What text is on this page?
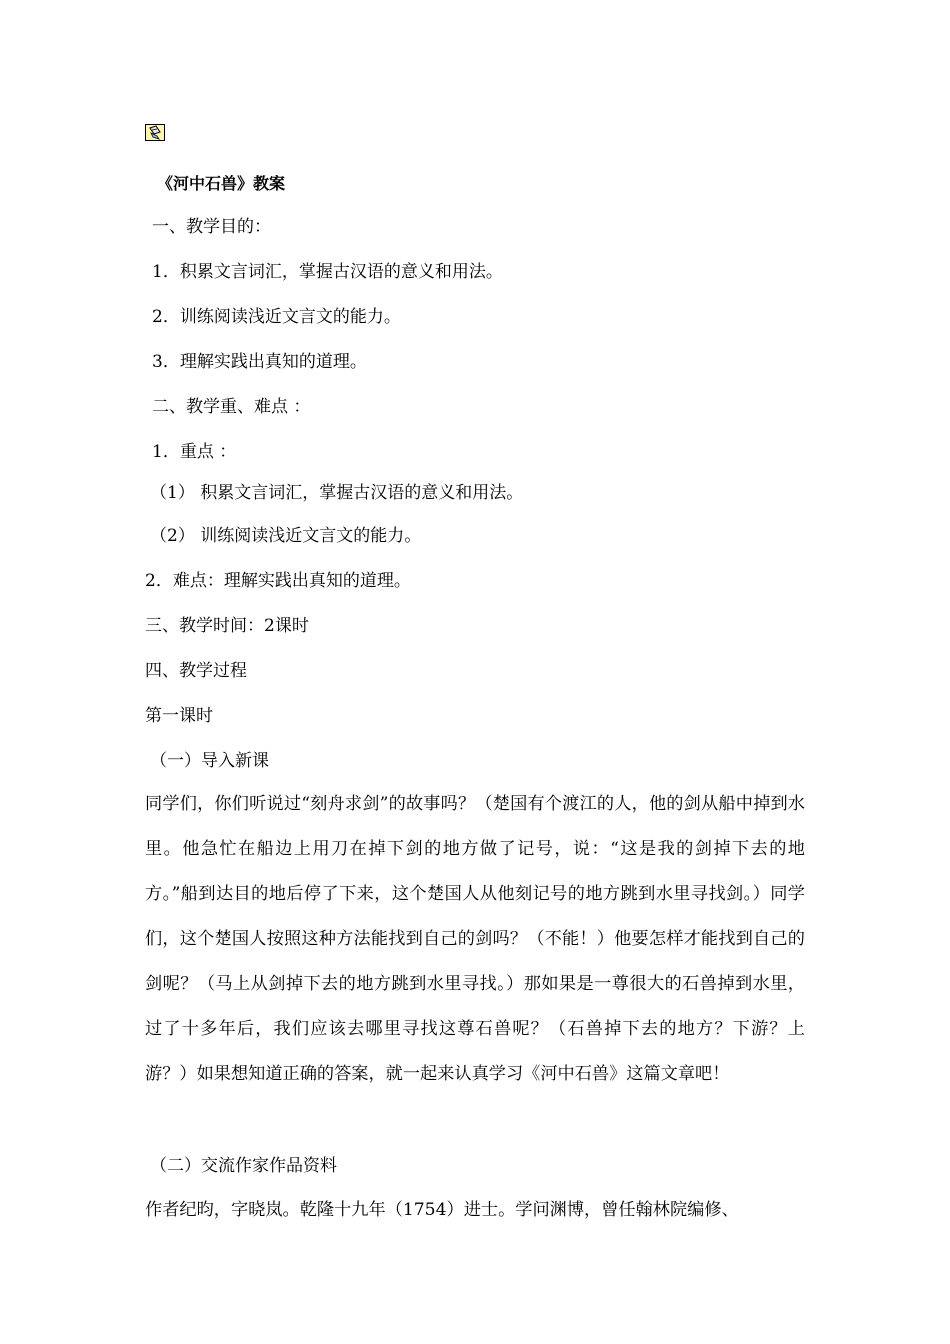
《河中石兽》教案
一、教学目的：
1．积累文言词汇，掌握古汉语的意义和用法。
2．训练阅读浅近文言文的能力。
3．理解实践出真知的道理。
二、教学重、难点 ：
1．重点 ：
（1） 积累文言词汇，掌握古汉语的意义和用法。
（2） 训练阅读浅近文言文的能力。
2．难点：理解实践出真知的道理。
三、教学时间：2课时
四、教学过程
第一课时
（一）导入新课
同学们，你们听说过“刻舟求剑”的故事吗？（楚国有个渡江的人，他的剑从船中掉到水里。他急忙在船边上用刀在掉下剑的地方做了记号，说：“这是我的剑掉下去的地方。”船到达目的地后停了下来，这个楚国人从他刻记号的地方跳到水里寻找剑。）同学们，这个楚国人按照这种方法能找到自己的剑吗？（不能！）他要怎样才能找到自己的剑呢？（马上从剑掉下去的地方跳到水里寻找。）那如果是一尊很大的石兽掉到水里，过了十多年后，我们应该去哪里寻找这尊石兽呢？（石兽掉下去的地方？下游？上游？）如果想知道正确的答案，就一起来认真学习《河中石兽》这篇文章吧！
（二）交流作家作品资料
作者纪昀，字晓岚。乾隆十九年（1754）进士。学问渊博，曾任翰林院编修、
